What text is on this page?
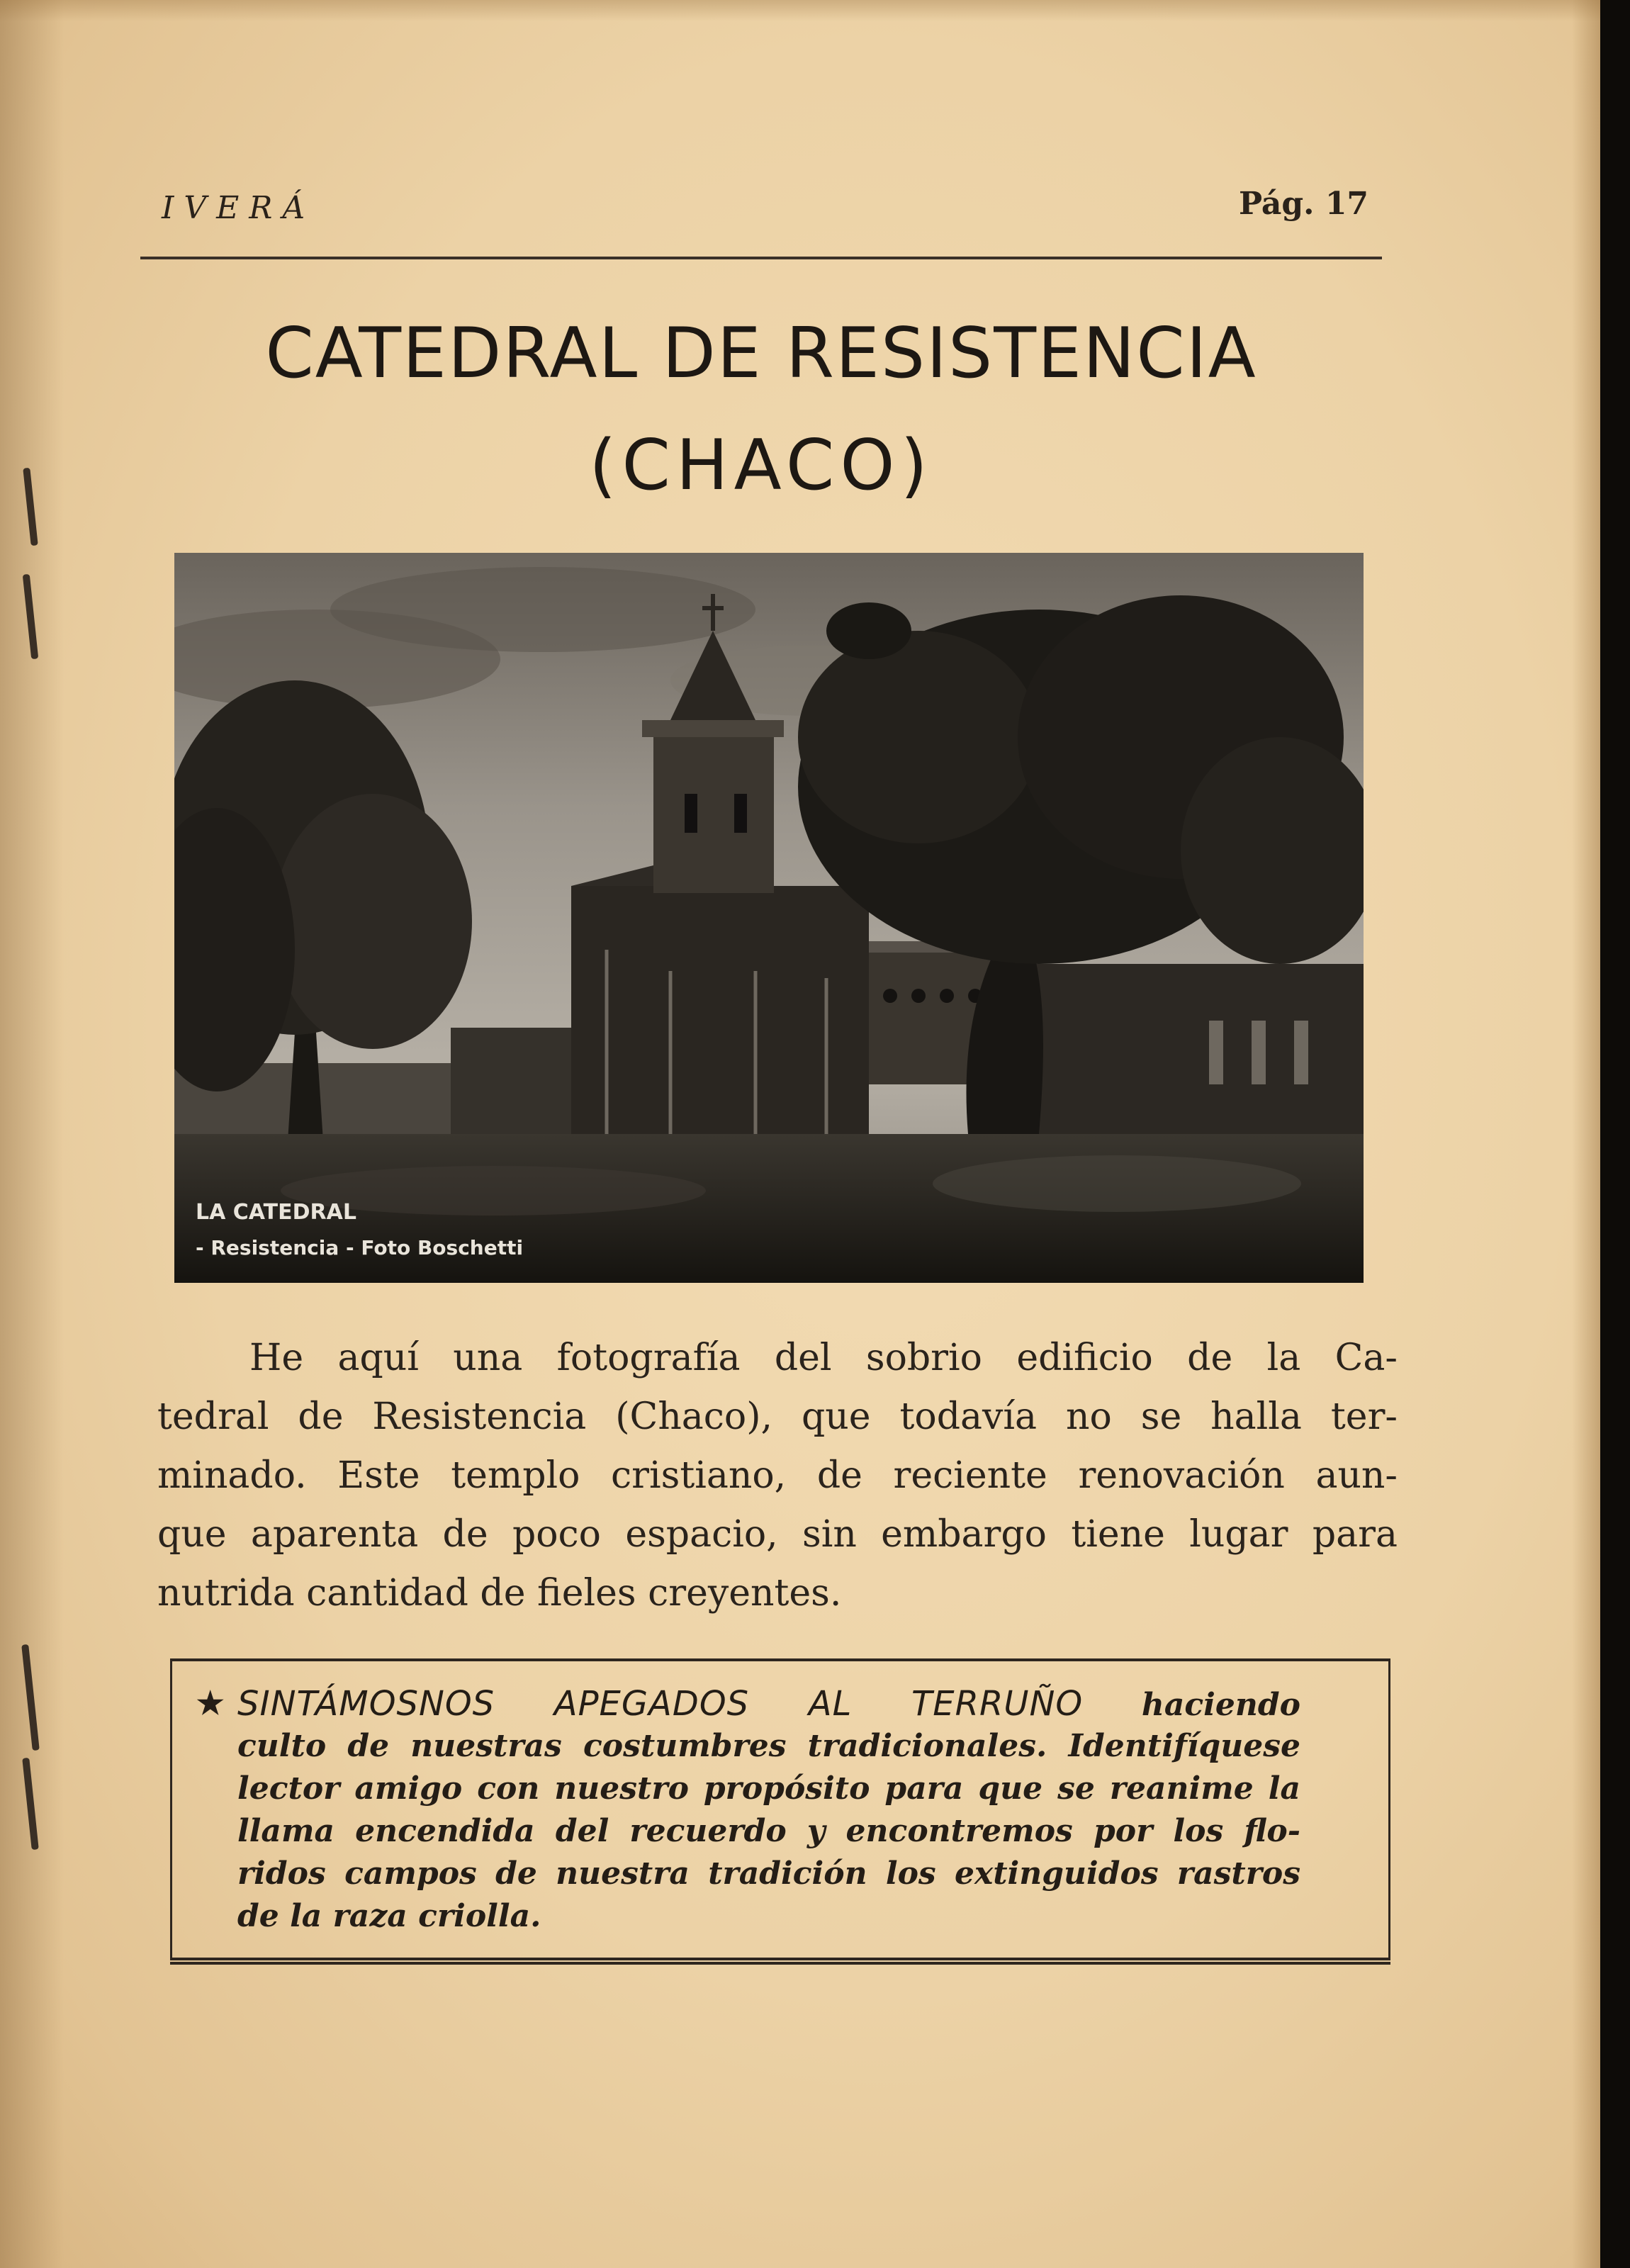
IVERÁ	Pág. 17
CATEDRAL DE RESISTENCIA
(CHACO)
LA CATEDRAL
- Resistencia - Foto Boschetti
He aquí una fotografía del sobrio edificio de la Ca-
tedral de Resistencia (Chaco), que todavía no se halla ter-
minado. Este templo cristiano, de reciente renovación aun-
que aparenta de poco espacio, sin embargo tiene lugar para
nutrida cantidad de fieles creyentes.
★ SINTÁMOSNOS APEGADOS AL TERRUÑO haciendo
culto de nuestras costumbres tradicionales. Identifíquese
lector amigo con nuestro propósito para que se reanime la
llama encendida del recuerdo y encontremos por los flo-
ridos campos de nuestra tradición los extinguidos rastros
de la raza criolla.
